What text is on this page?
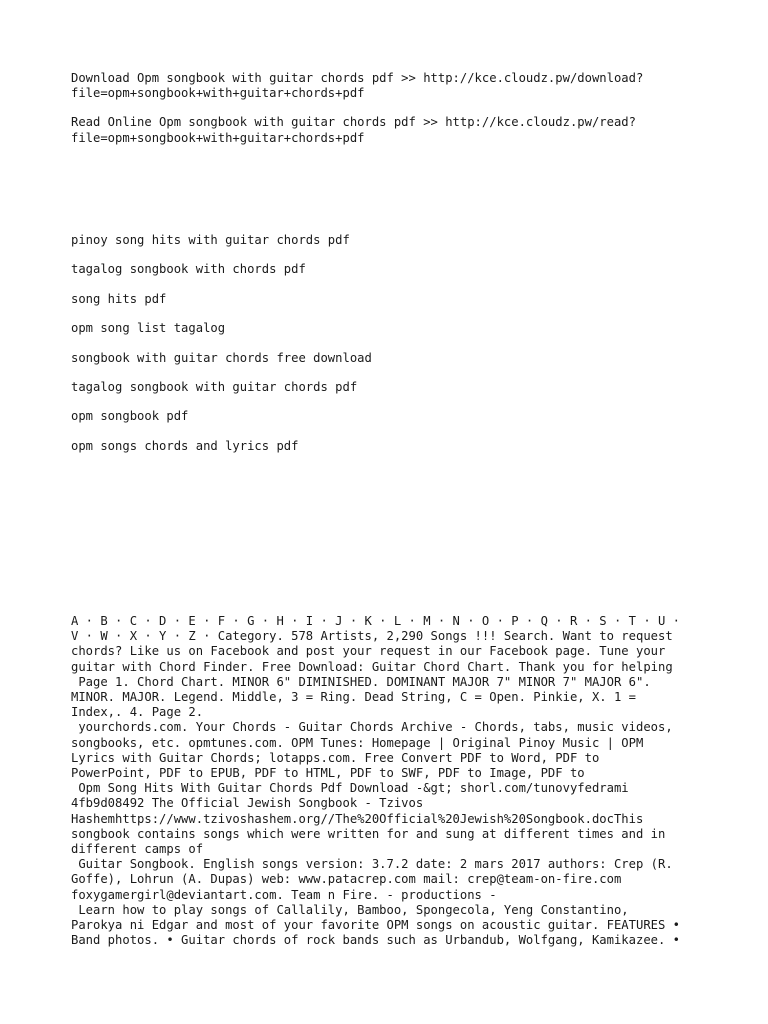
Download Opm songbook with guitar chords pdf >> http://kce.cloudz.pw/download?

file=opm+songbook+with+guitar+chords+pdf

Read Online Opm songbook with guitar chords pdf >> http://kce.cloudz.pw/read?

file=opm+songbook+with+guitar+chords+pdf

pinoy song hits with guitar chords pdf

tagalog songbook with chords pdf

song hits pdf

opm song list tagalog

songbook with guitar chords free download

tagalog songbook with guitar chords pdf

opm songbook pdf

opm songs chords and lyrics pdf

A · B · C · D · E · F · G · H · I · J · K · L · M · N · O · P · Q · R · S · T · U ·

V · W · X · Y · Z · Category. 578 Artists, 2,290 Songs !!! Search. Want to request

chords? Like us on Facebook and post your request in our Facebook page. Tune your

guitar with Chord Finder. Free Download: Guitar Chord Chart. Thank you for helping

Page 1. Chord Chart. MINOR 6" DIMINISHED. DOMINANT MAJOR 7" MINOR 7" MAJOR 6".

MINOR. MAJOR. Legend. Middle, 3 = Ring. Dead String, C = Open. Pinkie, X. 1 =

Index,. 4. Page 2.

yourchords.com. Your Chords - Guitar Chords Archive - Chords, tabs, music videos,

songbooks, etc. opmtunes.com. OPM Tunes: Homepage | Original Pinoy Music | OPM

Lyrics with Guitar Chords; lotapps.com. Free Convert PDF to Word, PDF to

PowerPoint, PDF to EPUB, PDF to HTML, PDF to SWF, PDF to Image, PDF to

Opm Song Hits With Guitar Chords Pdf Download -&gt; shorl.com/tunovyfedrami

4fb9d08492 The Official Jewish Songbook - Tzivos

Hashemhttps://www.tzivoshashem.org//The%20Official%20Jewish%20Songbook.docThis

songbook contains songs which were written for and sung at different times and in

different camps of

Guitar Songbook. English songs version: 3.7.2 date: 2 mars 2017 authors: Crep (R.

Goffe), Lohrun (A. Dupas) web: www.patacrep.com mail: crep@team-on-fire.com

foxygamergirl@deviantart.com. Team n Fire. - productions -

Learn how to play songs of Callalily, Bamboo, Spongecola, Yeng Constantino,

Parokya ni Edgar and most of your favorite OPM songs on acoustic guitar. FEATURES •

Band photos. • Guitar chords of rock bands such as Urbandub, Wolfgang, Kamikazee. •
